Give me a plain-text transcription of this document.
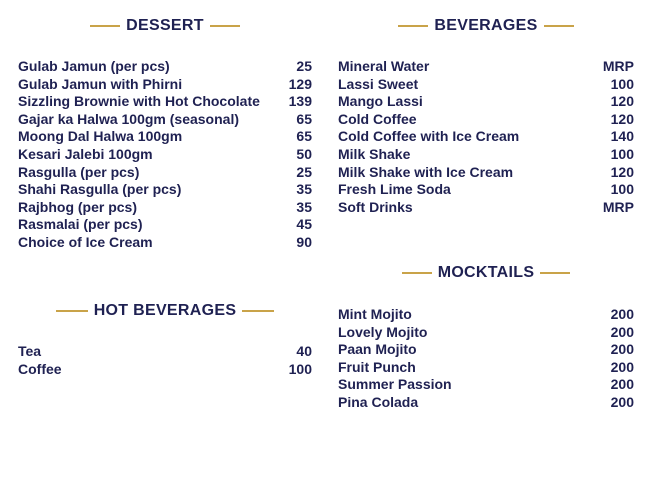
DESSERT
Gulab Jamun (per pcs)	25
Gulab Jamun with Phirni	129
Sizzling Brownie with Hot Chocolate 139
Gajar ka Halwa 100gm (seasonal)	65
Moong Dal Halwa 100gm	65
Kesari Jalebi 100gm	50
Rasgulla (per pcs)	25
Shahi Rasgulla (per pcs)	35
Rajbhog (per pcs)	35
Rasmalai (per pcs)	45
Choice of Ice Cream	90
HOT BEVERAGES
Tea	40
Coffee	100
BEVERAGES
Mineral Water	MRP
Lassi Sweet	100
Mango Lassi	120
Cold Coffee	120
Cold Coffee with Ice Cream	140
Milk Shake	100
Milk Shake with Ice Cream	120
Fresh Lime Soda	100
Soft Drinks	MRP
MOCKTAILS
Mint Mojito	200
Lovely Mojito	200
Paan Mojito	200
Fruit Punch	200
Summer Passion	200
Pina Colada	200
